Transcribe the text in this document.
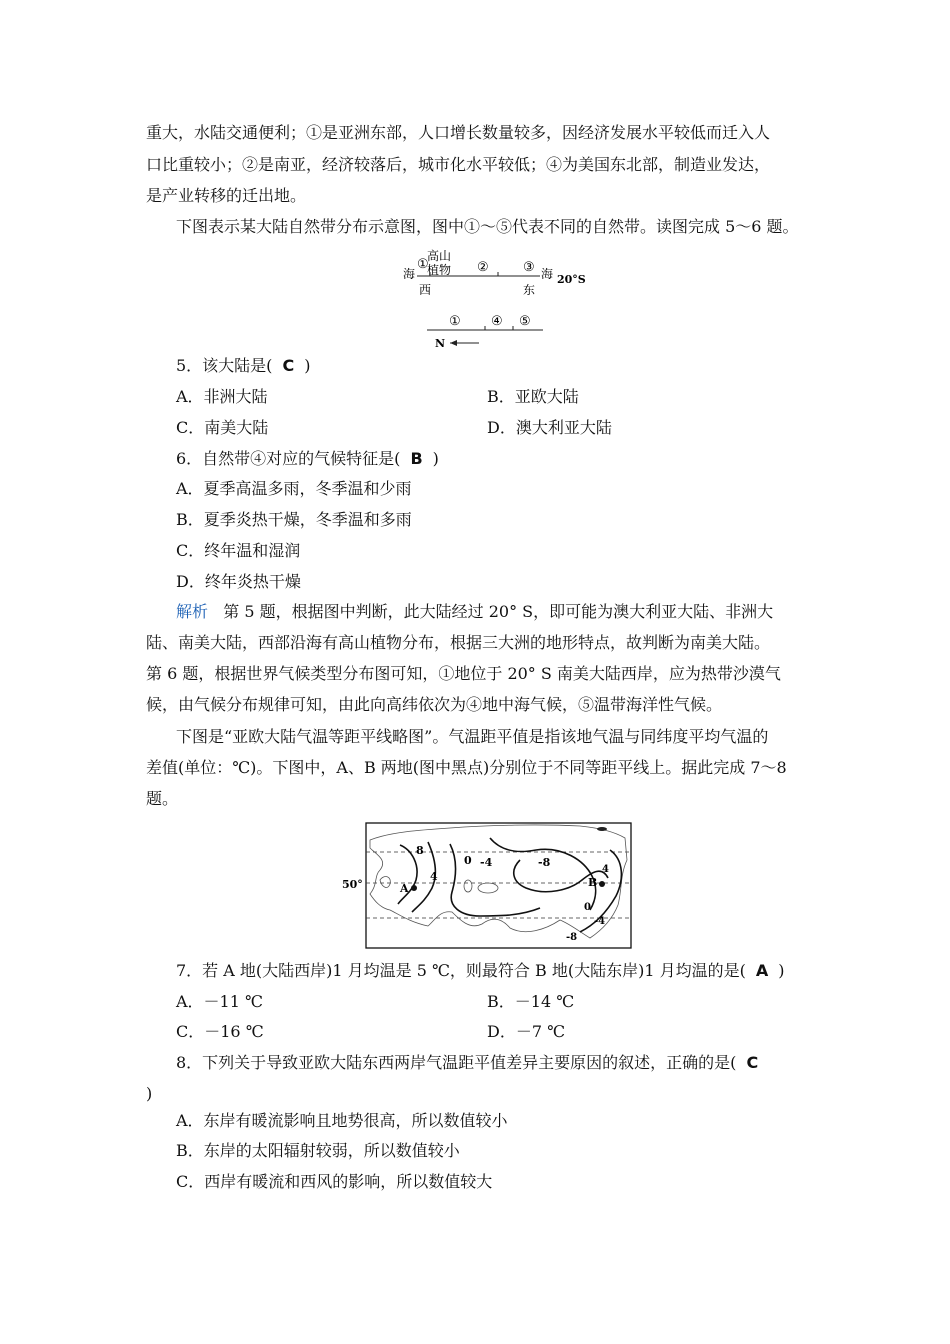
重大，水陆交通便利；①是亚洲东部，人口增长数量较多，因经济发展水平较低而迁入人
口比重较小；②是南亚，经济较落后，城市化水平较低；④为美国东北部，制造业发达，
是产业转移的迁出地。
下图表示某大陆自然带分布示意图，图中①～⑤代表不同的自然带。读图完成 5～6 题。
①
高山
植物 ②	③
海	海 20°S
西	东
① ④ ⑤
N
5．该大陆是( C )
A．非洲大陆	B．亚欧大陆
C．南美大陆	D．澳大利亚大陆
6．自然带④对应的气候特征是( B )
A．夏季高温多雨，冬季温和少雨
B．夏季炎热干燥，冬季温和多雨
C．终年温和湿润
D．终年炎热干燥
解析 第 5 题，根据图中判断，此大陆经过 20° S，即可能为澳大利亚大陆、非洲大
陆、南美大陆，西部沿海有高山植物分布，根据三大洲的地形特点，故判断为南美大陆。
第 6 题，根据世界气候类型分布图可知，①地位于 20° S 南美大陆西岸，应为热带沙漠气
候，由气候分布规律可知，由此向高纬依次为④地中海气候，⑤温带海洋性气候。
下图是“亚欧大陆气温等距平线略图”。气温距平值是指该地气温与同纬度平均气温的
差值(单位：℃)。下图中，A、B 两地(图中黑点)分别位于不同等距平线上。据此完成 7～8
题。
50°
8
4
0 -4	-8
A	B
4
0
-4
-8
7．若 A 地(大陆西岸)1 月均温是 5 ℃，则最符合 B 地(大陆东岸)1 月均温的是( A )
A．－11 ℃	B．－14 ℃
C．－16 ℃	D．－7 ℃
8．下列关于导致亚欧大陆东西两岸气温距平值差异主要原因的叙述，正确的是( C
)
A．东岸有暖流影响且地势很高，所以数值较小
B．东岸的太阳辐射较弱，所以数值较小
C．西岸有暖流和西风的影响，所以数值较大
